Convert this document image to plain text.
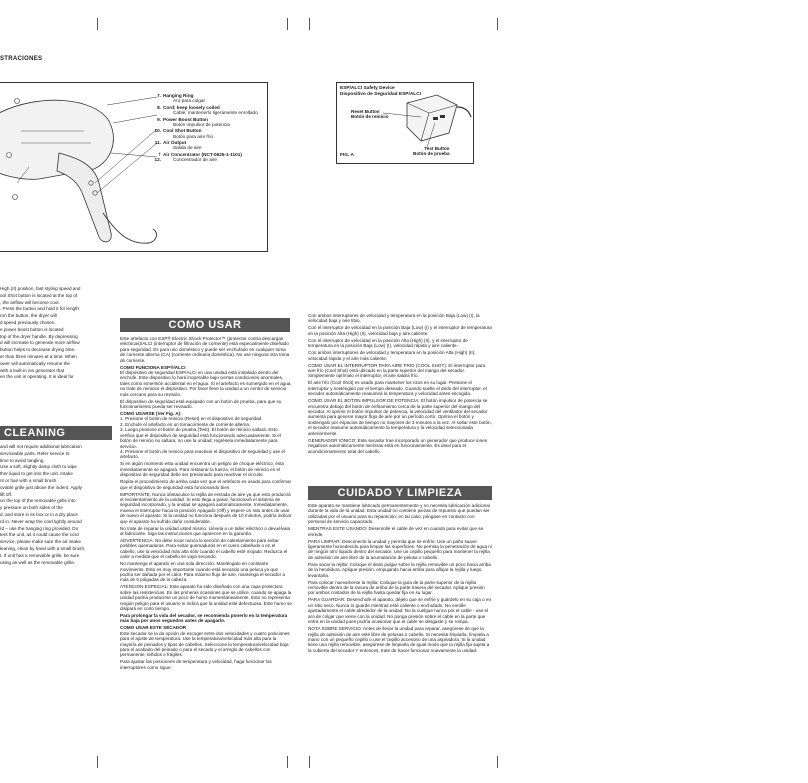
STRACIONES
7. Hanging Ring
Aro para colgar
8. Cord; keep loosely coiled
Cable; mantenerlo ligeramente enrollado
9. Power Boost Button
Botón impulsor de potencia
10. Cool Shot Button
Botón para aire frío
11. Air Output
Salida de aire
† 12.
Air Concentrator (NCT-0625-1-1101)
Concentrador de aire
ESP/ALCI Safety Device
Dispositivo de Seguridad ESP/ALCI
Reset Button
Botón de reinicio
Test Button
Botón de prueba
FIG. A

High (II) position, fast styling speed and

ool Shot button is located at the top of

, the airflow will become cool.

. Press the button and hold it for length

ron the button, the dryer will

d speed previously chosen.

e power boost button is located

top of the dryer handle. By depressing

d will increase to generate more airflow

button helps to decrease drying time.

er than three minutes at a time. When

ower will automatically resume the

with a built-in ion generator that

en the unit is operating. It is ideal for

CLEANING

and will not require additional lubrication

serviceable parts. Refer service to

time to avoid tangling.

Use a soft, slightly damp cloth to wipe

ther liquid to get into the unit. Intake

nt or hair with a small brush.

ovable grille just above the indent. Apply

lift off.

on the top of the removable grille into

y pressure on both sides of the

d, and store in its box or in a dry place.

rd in. Never wrap the cord tightly around

rd – use the hanging ring provided. Do

ters the unit, as it could cause the cord

service, please make sure the air intake

leaning, clean by hand with a small brush,

t. If unit has a removable grille, be sure

using as well as the removable grille.

COMO USAR

Este artefacto con ESP® Electric Shock Protector™ (protector contra descargas eléctricas)/ALCI (interruptor de filtración de corriente) está especialmente diseñado para seguridad. Es para uso doméstico y puede ser enchufado en cualquier toma de corriente alterna (CA) (corriente ordinaria doméstica). No use ninguna otra toma de corriente.

COMO FUNCIONA ESP®/ALCI

El dispositivo de seguridad ESP/ALCI en una unidad está instalado dentro del enchufe. Este dispositivo lo hará inoperable bajo ciertas condiciones anormales, tales como inmersión accidental en el agua. Si el artefacto es sumergido en el agua, no trate de reiniciar el dispositivo. Por favor lleve la unidad a un centro de servicio más cercano para su revisión.

El dispositivo de seguridad está equipado con un botón de prueba, para que su funcionamiento pueda ser revisado.

COMO USARSE (Ver Fig. A):

1. Presione el botón de reinicio (Reset) en el dispositivo de seguridad.

2. Enchufe el artefacto en un tomacorriente de corriente alterna.

3. Luego presione el botón de prueba (Test). El botón de reinicio saltará. Esto verifica que el dispositivo de seguridad está funcionando adecuadamente. Si el botón de reinicio no saltara, no use la unidad; regrésela inmediatamente para servicio.

4. Presione el botón de reinicio para reactivar el dispositivo de seguridad y use el artefacto.

Si en algún momento esta unidad encuentra un peligro de choque eléctrico, ésta inmediatamente se apagará. Para restaurar la fuerza, el botón de reinicio en el dispositivo de seguridad debe ser presionado para reactivar el circuito.

Repita el procedimiento de arriba cada vez que el artefacto es usado para confirmar que el dispositivo de seguridad está funcionando bien.

IMPORTANTE: Nunca obstaculice la rejilla de entrada de aire ya que esto producirá el recalentamiento de la unidad. Si esto llega a pasar, funcionará el sistema de seguridad incorporado, y la unidad se apagará automáticamente. Inmediatamente, mueva el interruptor hacia la posición Apagado (Off) y espere un rato antes de usar de nuevo el aparato. Si la unidad no funciona después de 10 minutos, podría indicar que el aparato ha sufrido daño considerable.

No trate de reparar la unidad usted mismo. Llévela a un taller eléctrico o devuélvala al fabricante. Siga las instrucciones que aparecen en la garantía.

ADVERTENCIA: No debe tocar nunca la sección de calentamiento para evitar posibles quemaduras. Para evitar quemaduras en el cuero cabelludo o en el cabello, use la velocidad más alta sólo cuando el cabello esté mojado. Reduzca el calor a medida que el cabello se vaya secando.

No mantenga el aparato en una sola dirección. Manténgalo en constante movimiento. Esto es muy importante cuando está secando una peluca ya que podría ser dañada por el calor. Para máximo flujo de aire, mantenga el secador a más de 6 pulgadas de la cabeza.

ATENCION ESPECIAL: Este aparato ha sido diseñado con una capa protectora sobre las resistencias. En las primeras ocasiones que se utilice, cuando se apaga la unidad podría producirse un poco de humo momentáneamente. Esto no representa ningún peligro para el usuario ni indica que la unidad esté defectuosa. Este humo se disipará en corto tiempo.

Para prolongar la vida del secador, se recomienda ponerlo en la temperatura más baja por unos segundos antes de apagarlo.

COMO USAR ESTE SECADOR

Este secador se la da opción de escoger entre dos velocidades y cuatro posiciones para el ajuste de temperatura. Use la temperatura/velocidad más alta para la mayoría de peinados y tipos de cabellos. Seleccione la temperatura/velocidad baja para el acabado del peinado o para el secado y el arreglo de cabellos con permanente, teñidos o frágiles.

Para ajustar las posiciones de temperatura y velocidad, haga funcionar los interruptores como sigue:

Con ambos interruptores de velocidad y temperatura en la posición Baja (Low) (I), la velocidad baja y aire tibio.

Con el interruptor de velocidad en la posición Baja (Low) (I) y el interruptor de temperatura en la posición Alta (High) (II), velocidad baja y aire caliente.

Con el interruptor de velocidad en la posición Alta (High) (II), y el interruptor de temperatura en la posición Baja (Low) (I), velocidad rápida y aire caliente.

Con ambos interruptores de velocidad y temperatura en la posición Alta (High) (II), velocidad rápida y el aire más caliente.

COMO USAR EL INTERRUPTOR PARA AIRE FRIO (COOL SHOT): El interruptor para aire frío (Cool Shot) está ubicado en la parte superior del mango del secador. Simplemente oprímalo el interruptor, el aire saldrá frío.

El aire frío (Cool Shot) es usado para mantener los rizos en su lugar. Presione el interruptor y sosténgalo por el tiempo deseado. Cuando suelte el dedo del interruptor, el secador automáticamente reasumirá la temperatura y velocidad antes escogida.

COMO USAR EL BOTON IMPULSOR DE POTENCIA: El botón impulsor de potencia se encuentra debajo del botón de enfriamiento cerca de la parte superior del mango del secador. Al oprimir el botón impulsor de potencia, la velocidad del ventilador del secador aumenta para generar mayor flujo de aire por un período corto. Oprima el botón y sosténgalo por espacios de tiempo no mayores de 3 minutos a la vez. Al soltar este botón, el secador reasume automáticamente la temperatura y la velocidad seleccionada anteriormente.

GENERADOR IONICO: Este secador trae incorporado un generador que produce iones negativos automáticamente mientras está en funcionamiento. Es ideal para el acondicionamiento total del cabello

CUIDADO Y LIMPIEZA

Este aparato se mantiene lubricado permanentemente y no necesita lubricación adicional durante la vida de la unidad. Esta unidad no contiene piezas de repuesto que puedan ser utilizadas por el usuario para su reparación; en tal caso, póngase en contacto con personal de servicio capacitado.

MIENTRAS ESTE USANDO: Desenrolle el cable de vez en cuando para evitar que se enrede.

PARA LIMPIAR: Desconecte la unidad y permita que se enfríe. Use un paño suave ligeramente humedecido para limpiar las superficies. No permita la penetración de agua ni de ningún otro líquido dentro del secador. Use un cepillo pequeño para mantener la rejilla de admisión de aire libre de la acumulación de pelusa o cabello.

Para sacar la rejilla: Coloque el dedo pulgar sobre la rejilla removible un poco hacia arriba de la hendidura. Aplique presión, empujando hacia arriba para aflojar la rejilla y luego levantarla.

Para colocar nuevamente la rejilla: Coloque la guía de la parte superior de la rejilla removible dentro de la ranura de arriba de la parte trasera del secador. Aplique presión por ambos costados de la rejilla hasta quedar fija en su lugar.

PARA GUARDAR: Desenchufe el aparato, déjelo que se enfríe y guárdelo en su caja o en un sitio seco. Nunca lo guarde mientras esté caliente o enchufado. No enrolle ajustadamente el cable alrededor de la unidad. No la cuelgue nunca por el cable - use el aro de colgar que viene con la unidad. No ponga presión sobre el cable en la parte que entra en la unidad pues podría ocasionar que el cable se desgaste y se rompa.

NOTA SOBRE SERVICIO: Antes de llevar la unidad para reparar, asegúrese de que la rejilla de admisión de aire esté libre de pelusas o cabello. Si necesita limpiarla, límpiela a mano con un pequeño cepillo o use el cepillo accesorio de una aspiradora. Si la unidad tiene una rejilla removible, asegúrese de limpiarla de igual modo que la rejilla fija sujeta a la cubierta del secador Y entonces, trate de hacer funcionar nuevamente la unidad.
